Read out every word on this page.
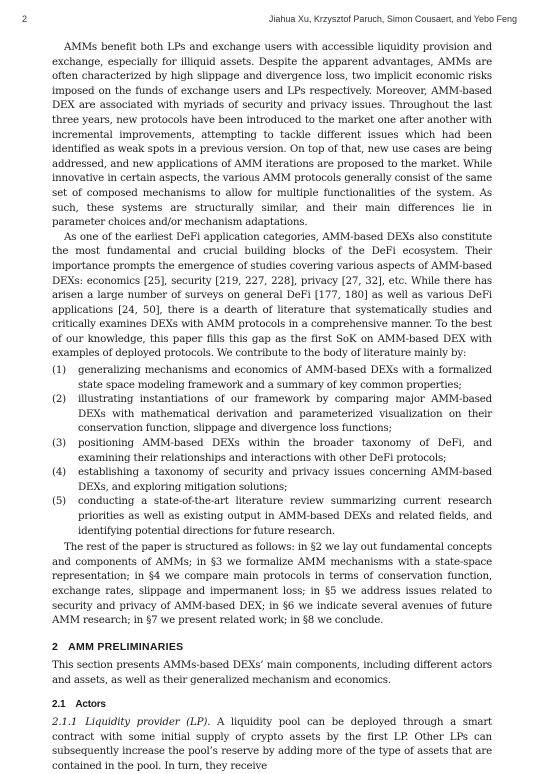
2	Jiahua Xu, Krzysztof Paruch, Simon Cousaert, and Yebo Feng

AMMs benefit both LPs and exchange users with accessible liquidity provision and exchange, especially for illiquid assets. Despite the apparent advantages, AMMs are often characterized by high slippage and divergence loss, two implicit economic risks imposed on the funds of exchange users and LPs respectively. Moreover, AMM-based DEX are associated with myriads of security and privacy issues. Throughout the last three years, new protocols have been introduced to the market one after another with incremental improvements, attempting to tackle different issues which had been identified as weak spots in a previous version. On top of that, new use cases are being addressed, and new applications of AMM iterations are proposed to the market. While innovative in certain aspects, the various AMM protocols generally consist of the same set of composed mechanisms to allow for multiple functionalities of the system. As such, these systems are structurally similar, and their main differences lie in parameter choices and/or mechanism adaptations.

As one of the earliest DeFi application categories, AMM-based DEXs also constitute the most fundamental and crucial building blocks of the DeFi ecosystem. Their importance prompts the emergence of studies covering various aspects of AMM-based DEXs: economics [25], security [219, 227, 228], privacy [27, 32], etc. While there has arisen a large number of surveys on general DeFi [177, 180] as well as various DeFi applications [24, 50], there is a dearth of literature that systematically studies and critically examines DEXs with AMM protocols in a comprehensive manner. To the best of our knowledge, this paper fills this gap as the first SoK on AMM-based DEX with examples of deployed protocols. We contribute to the body of literature mainly by:

(1) generalizing mechanisms and economics of AMM-based DEXs with a formalized state space modeling framework and a summary of key common properties;
(2) illustrating instantiations of our framework by comparing major AMM-based DEXs with mathematical derivation and parameterized visualization on their conservation function, slippage and divergence loss functions;
(3) positioning AMM-based DEXs within the broader taxonomy of DeFi, and examining their relationships and interactions with other DeFi protocols;
(4) establishing a taxonomy of security and privacy issues concerning AMM-based DEXs, and exploring mitigation solutions;
(5) conducting a state-of-the-art literature review summarizing current research priorities as well as existing output in AMM-based DEXs and related fields, and identifying potential directions for future research.

The rest of the paper is structured as follows: in §2 we lay out fundamental concepts and components of AMMs; in §3 we formalize AMM mechanisms with a state-space representation; in §4 we compare main protocols in terms of conservation function, exchange rates, slippage and impermanent loss; in §5 we address issues related to security and privacy of AMM-based DEX; in §6 we indicate several avenues of future AMM research; in §7 we present related work; in §8 we conclude.

2 AMM PRELIMINARIES

This section presents AMMs-based DEXs’ main components, including different actors and assets, as well as their generalized mechanism and economics.

2.1 Actors

2.1.1 Liquidity provider (LP). A liquidity pool can be deployed through a smart contract with some initial supply of crypto assets by the first LP. Other LPs can subsequently increase the pool’s reserve by adding more of the type of assets that are contained in the pool. In turn, they receive
